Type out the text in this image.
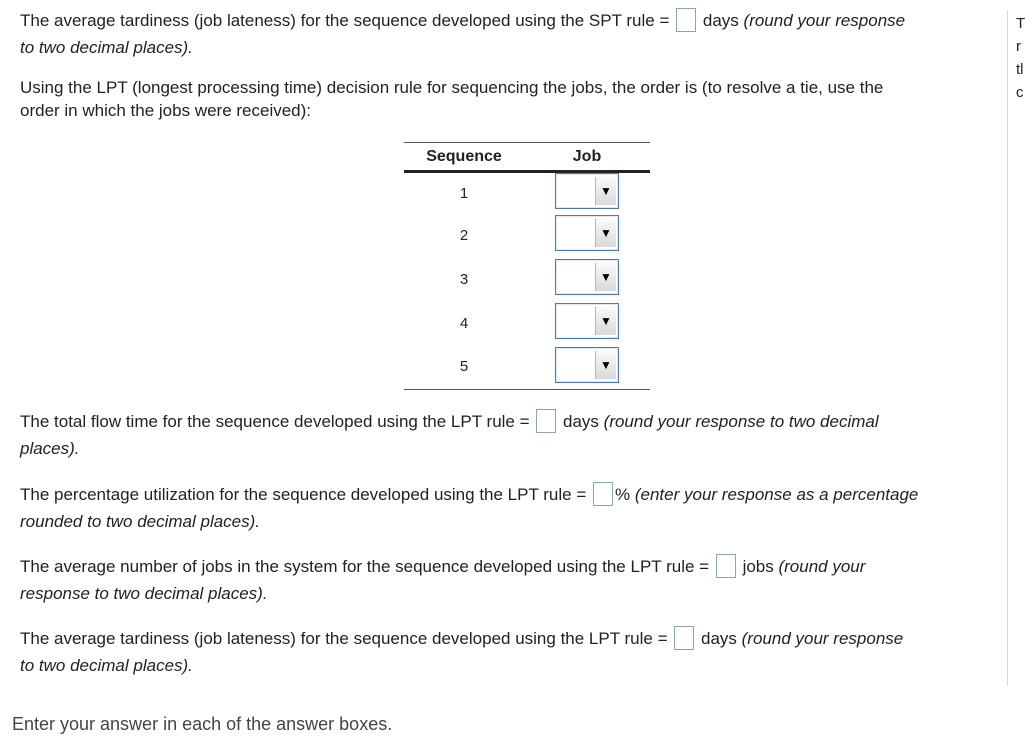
The average tardiness (job lateness) for the sequence developed using the SPT rule = days (round your response
to two decimal places).
Using the LPT (longest processing time) decision rule for sequencing the jobs, the order is (to resolve a tie, use the
order in which the jobs were received):
Sequence	Job
1	▼

2	▼

3	▼

4	▼

5	▼
The total flow time for the sequence developed using the LPT rule = days (round your response to two decimal
places).
The percentage utilization for the sequence developed using the LPT rule = % (enter your response as a percentage
rounded to two decimal places).
The average number of jobs in the system for the sequence developed using the LPT rule = jobs (round your
response to two decimal places).
The average tardiness (job lateness) for the sequence developed using the LPT rule = days (round your response
to two decimal places).
T
r
tl
c
Enter your answer in each of the answer boxes.
